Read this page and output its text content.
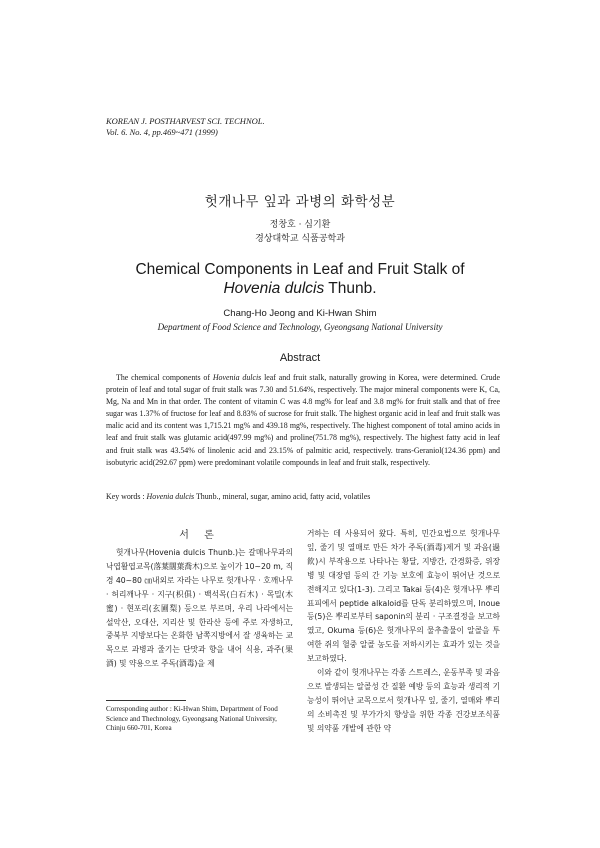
KOREAN J. POSTHARVEST SCI. TECHNOL.
Vol. 6. No. 4, pp.469~471 (1999)
헛개나무 잎과 과병의 화학성분
정창호 · 심기환
경상대학교 식품공학과
Chemical Components in Leaf and Fruit Stalk of
Hovenia dulcis Thunb.
Chang-Ho Jeong and Ki-Hwan Shim
Department of Food Science and Technology, Gyeongsang National University
Abstract

The chemical components of Hovenia dulcis leaf and fruit stalk, naturally growing in Korea, were determined. Crude protein of leaf and total sugar of fruit stalk was 7.30 and 51.64%, respectively. The major mineral components were K, Ca, Mg, Na and Mn in that order. The content of vitamin C was 4.8 mg% for leaf and 3.8 mg% for fruit stalk and that of free sugar was 1.37% of fructose for leaf and 8.83% of sucrose for fruit stalk. The highest organic acid in leaf and fruit stalk was malic acid and its content was 1,715.21 mg% and 439.18 mg%, respectively. The highest component of total amino acids in leaf and fruit stalk was glutamic acid(497.99 mg%) and proline(751.78 mg%), respectively. The highest fatty acid in leaf and fruit stalk was 43.54% of linolenic acid and 23.15% of palmitic acid, respectively. trans-Geraniol(124.36 ppm) and isobutyric acid(292.67 ppm) were predominant volatile compounds in leaf and fruit stalk, respectively.

Key words : Hovenia dulcis Thunb., mineral, sugar, amino acid, fatty acid, volatiles
서 론

헛개나무(Hovenia dulcis Thunb.)는 갈매나무과의 낙엽활엽교목(落葉闊葉喬木)으로 높이가 10~20 m, 직경 40~80 ㎝내외로 자라는 나무로 헛개나무 · 호깨나무 · 허리깨나무 · 지구(枳俱) · 백석목(白石木) · 목밀(木蜜) · 현포리(玄圃梨) 등으로 부르며, 우리 나라에서는 설악산, 오대산, 지리산 및 한라산 등에 주로 자생하고, 중북부 지방보다는 온화한 남쪽지방에서 잘 생육하는 교목으로 과병과 줄기는 단맛과 향을 내어 식용, 과주(果酒) 및 약용으로 주독(酒毒)을 제

거하는 데 사용되어 왔다. 특히, 민간요법으로 헛개나무 잎, 줄기 및 열매로 만든 차가 주독(酒毒)제거 및 과음(過飮)시 부작용으로 나타나는 황달, 지방간, 간경화증, 위장병 및 대장염 등의 간 기능 보호에 효능이 뛰어난 것으로 전해지고 있다(1-3). 그리고 Takai 등(4)은 헛개나무 뿌리 표피에서 peptide alkaloid를 단독 분리하였으며, Inoue 등(5)은 뿌리로부터 saponin의 분리 · 구조결정을 보고하였고, Okuma 등(6)은 헛개나무의 물추출물이 알콜을 투여한 쥐의 혈중 알콜 농도를 저하시키는 효과가 있는 것을 보고하였다.

이와 같이 헛개나무는 각종 스트레스, 운동부족 및 과음으로 발생되는 알콜성 간 질환 예방 등의 효능과 생리적 기능성이 뛰어난 교목으로서 헛개나무 잎, 줄기, 열매와 뿌리의 소비촉진 및 부가가치 향상을 위한 각종 건강보조식품 및 의약품 개발에 관한 약

Corresponding author : Ki-Hwan Shim, Department of Food Science and Thechnology, Gyeongsang National University, Chinju 660-701, Korea
